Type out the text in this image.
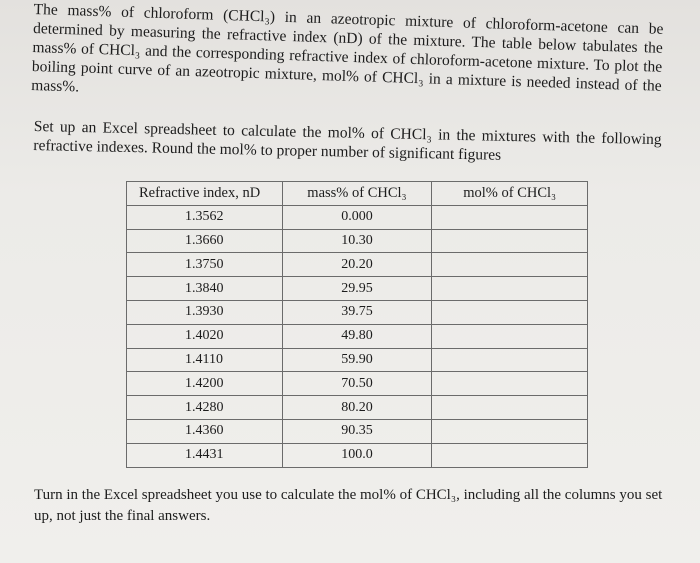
The mass% of chloroform (CHCl₃) in an azeotropic mixture of chloroform-acetone can be determined by measuring the refractive index (nD) of the mixture. The table below tabulates the mass% of CHCl₃ and the corresponding refractive index of chloroform-acetone mixture. To plot the boiling point curve of an azeotropic mixture, mol% of CHCl₃ in a mixture is needed instead of the mass%.

Set up an Excel spreadsheet to calculate the mol% of CHCl₃ in the mixtures with the following refractive indexes. Round the mol% to proper number of significant figures

Refractive index, nD	mass% of CHCl₃	mol% of CHCl₃
1.3562	0.000	
1.3660	10.30	
1.3750	20.20	
1.3840	29.95	
1.3930	39.75	
1.4020	49.80	
1.4110	59.90	
1.4200	70.50	
1.4280	80.20	
1.4360	90.35	
1.4431	100.0	

Turn in the Excel spreadsheet you use to calculate the mol% of CHCl₃, including all the columns you set up, not just the final answers.
